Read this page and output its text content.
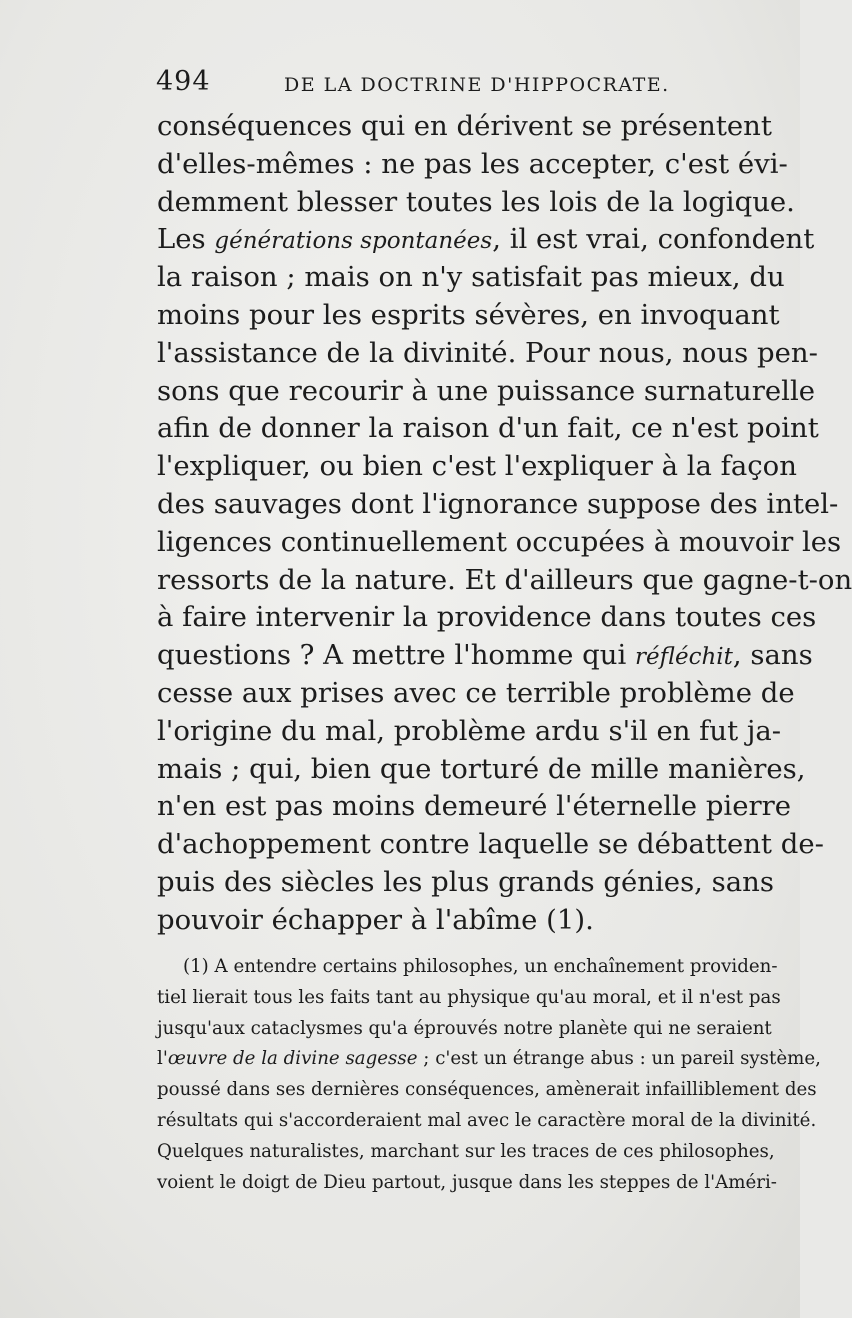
494	DE LA DOCTRINE D'HIPPOCRATE.
conséquences qui en dérivent se présentent
d'elles-mêmes : ne pas les accepter, c'est évi-
demment blesser toutes les lois de la logique.
Les générations spontanées, il est vrai, confondent
la raison ; mais on n'y satisfait pas mieux, du
moins pour les esprits sévères, en invoquant
l'assistance de la divinité. Pour nous, nous pen-
sons que recourir à une puissance surnaturelle
afin de donner la raison d'un fait, ce n'est point
l'expliquer, ou bien c'est l'expliquer à la façon
des sauvages dont l'ignorance suppose des intel-
ligences continuellement occupées à mouvoir les
ressorts de la nature. Et d'ailleurs que gagne-t-on
à faire intervenir la providence dans toutes ces
questions ? A mettre l'homme qui réfléchit, sans
cesse aux prises avec ce terrible problème de
l'origine du mal, problème ardu s'il en fut ja-
mais ; qui, bien que torturé de mille manières,
n'en est pas moins demeuré l'éternelle pierre
d'achoppement contre laquelle se débattent de-
puis des siècles les plus grands génies, sans
pouvoir échapper à l'abîme (1).
(1) A entendre certains philosophes, un enchaînement providen-
tiel lierait tous les faits tant au physique qu'au moral, et il n'est pas
jusqu'aux cataclysmes qu'a éprouvés notre planète qui ne seraient
l'œuvre de la divine sagesse ; c'est un étrange abus : un pareil système,
poussé dans ses dernières conséquences, amènerait infailliblement des
résultats qui s'accorderaient mal avec le caractère moral de la divinité.
Quelques naturalistes, marchant sur les traces de ces philosophes,
voient le doigt de Dieu partout, jusque dans les steppes de l'Améri-
